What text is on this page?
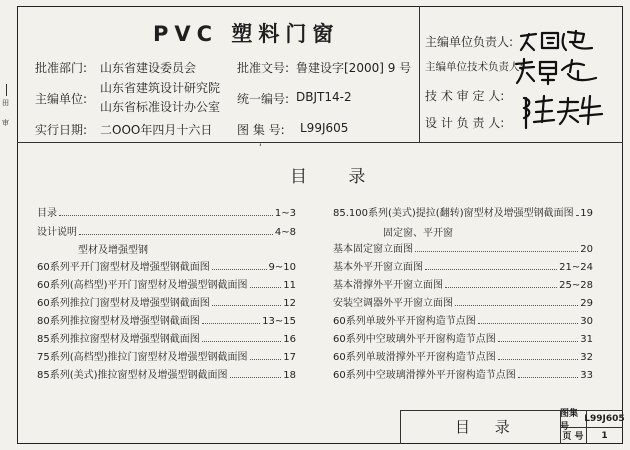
田
审
PVC 塑料门窗
批准部门: 山东省建设委员会	批准文号: 鲁建设字[2000] 9 号
主编单位:
山东省建筑设计研究院
山东省标准设计办公室
统一编号: DBJT14-2
实行日期: 二OOO年四月十六日 图 集 号: L99J605
主编单位负责人:
主编单位技术负责人:
技 术 审 定 人:
设 计 负 责 人:
目 录
'
目录	1~3
设计说明	4~8
型材及增强型钢
60系列平开门窗型材及增强型钢截面图	9~10
60系列(高档型)平开门窗型材及增强型钢截面图	11
60系列推拉门窗型材及增强型钢截面图	12
80系列推拉窗型材及增强型钢截面图	13~15
85系列推拉窗型材及增强型钢截面图	16
75系列(高档型)推拉门窗型材及增强型钢截面图	17
85系列(美式)推拉窗型材及增强型钢截面图	18
85.100系列(美式)提拉(翻转)窗型材及增强型钢截面图 19
固定窗、平开窗
基本固定窗立面图	20
基本外平开窗立面图	21~24
基本滑撑外平开窗立面图	25~28
安装空调器外平开窗立面图	29
60系列单玻外平开窗构造节点图	30
60系列中空玻璃外平开窗构造节点图	31
60系列单玻滑撑外平开窗构造节点图	32
60系列中空玻璃滑撑外平开窗构造节点图	33
目 录
图集号
L99J605
页 号	1
